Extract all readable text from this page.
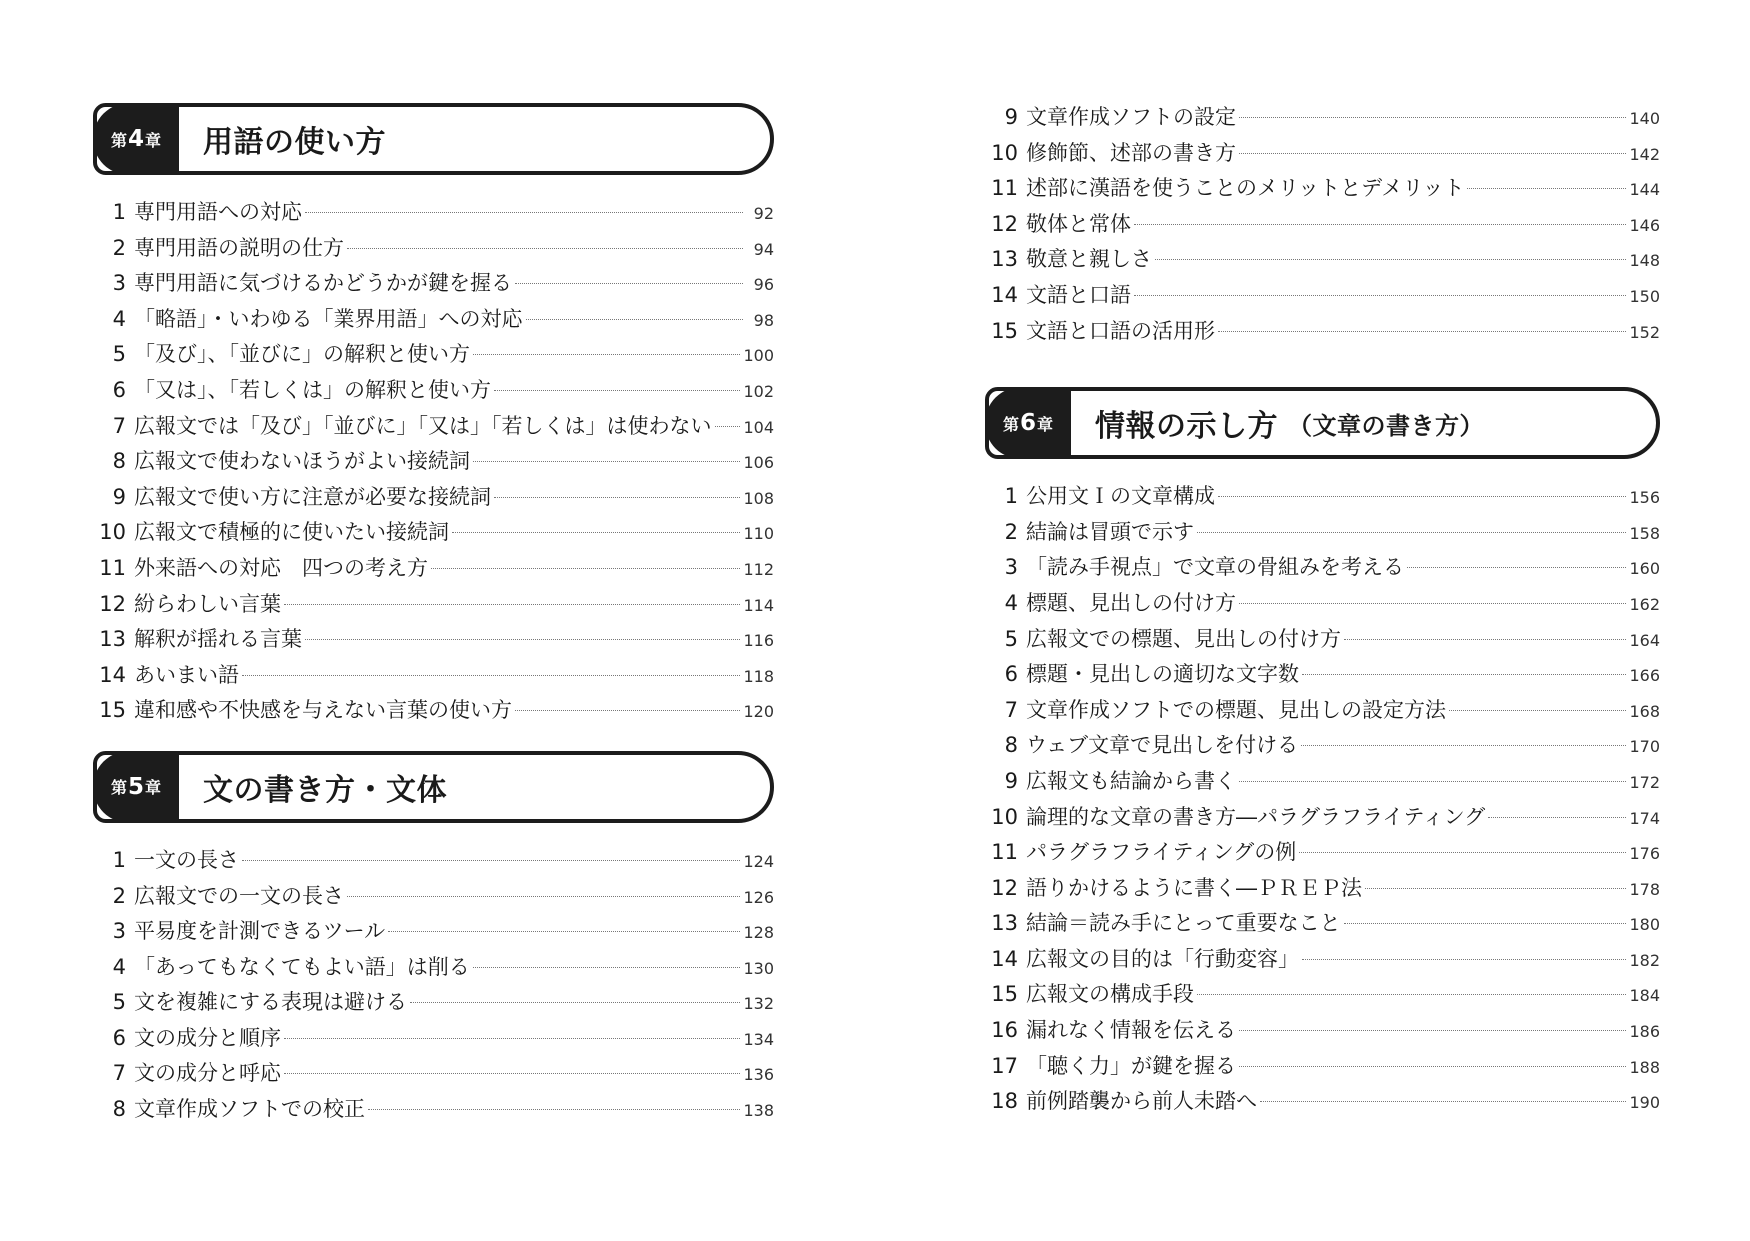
第 4 章 用語の使い方
1 専門用語への対応	92
2 専門用語の説明の仕方	94
3 専門用語に気づけるかどうかが鍵を握る	96
4 「略語」・いわゆる「業界用語」への対応	98
5 「及び」、「並びに」の解釈と使い方	100
6 「又は」、「若しくは」の解釈と使い方	102
7 広報文では「及び」「並びに」「又は」「若しくは」は使わない 104
8 広報文で使わないほうがよい接続詞	106
9 広報文で使い方に注意が必要な接続詞	108
10 広報文で積極的に使いたい接続詞	110
11 外来語への対応　四つの考え方	112
12 紛らわしい言葉	114
13 解釈が揺れる言葉	116
14 あいまい語	118
15 違和感や不快感を与えない言葉の使い方	120
第 5 章 文の書き方・文体
1 一文の長さ	124
2 広報文での一文の長さ	126
3 平易度を計測できるツール	128
4 「あってもなくてもよい語」は削る	130
5 文を複雑にする表現は避ける	132
6 文の成分と順序	134
7 文の成分と呼応	136
8 文章作成ソフトでの校正	138
9 文章作成ソフトの設定	140
10 修飾節、述部の書き方	142
11 述部に漢語を使うことのメリットとデメリット	144
12 敬体と常体	146
13 敬意と親しさ	148
14 文語と口語	150
15 文語と口語の活用形	152
第 6 章 情報の示し方 （文章の書き方）
1 公用文Ｉの文章構成	156
2 結論は冒頭で示す	158
3 「読み手視点」で文章の骨組みを考える	160
4 標題、見出しの付け方	162
5 広報文での標題、見出しの付け方	164
6 標題・見出しの適切な文字数	166
7 文章作成ソフトでの標題、見出しの設定方法	168
8 ウェブ文章で見出しを付ける	170
9 広報文も結論から書く	172
10 論理的な文章の書き方―パラグラフライティング	174
11 パラグラフライティングの例	176
12 語りかけるように書く―ＰＲＥＰ法	178
13 結論＝読み手にとって重要なこと	180
14 広報文の目的は「行動変容」	182
15 広報文の構成手段	184
16 漏れなく情報を伝える	186
17 「聴く力」が鍵を握る	188
18 前例踏襲から前人未踏へ	190
